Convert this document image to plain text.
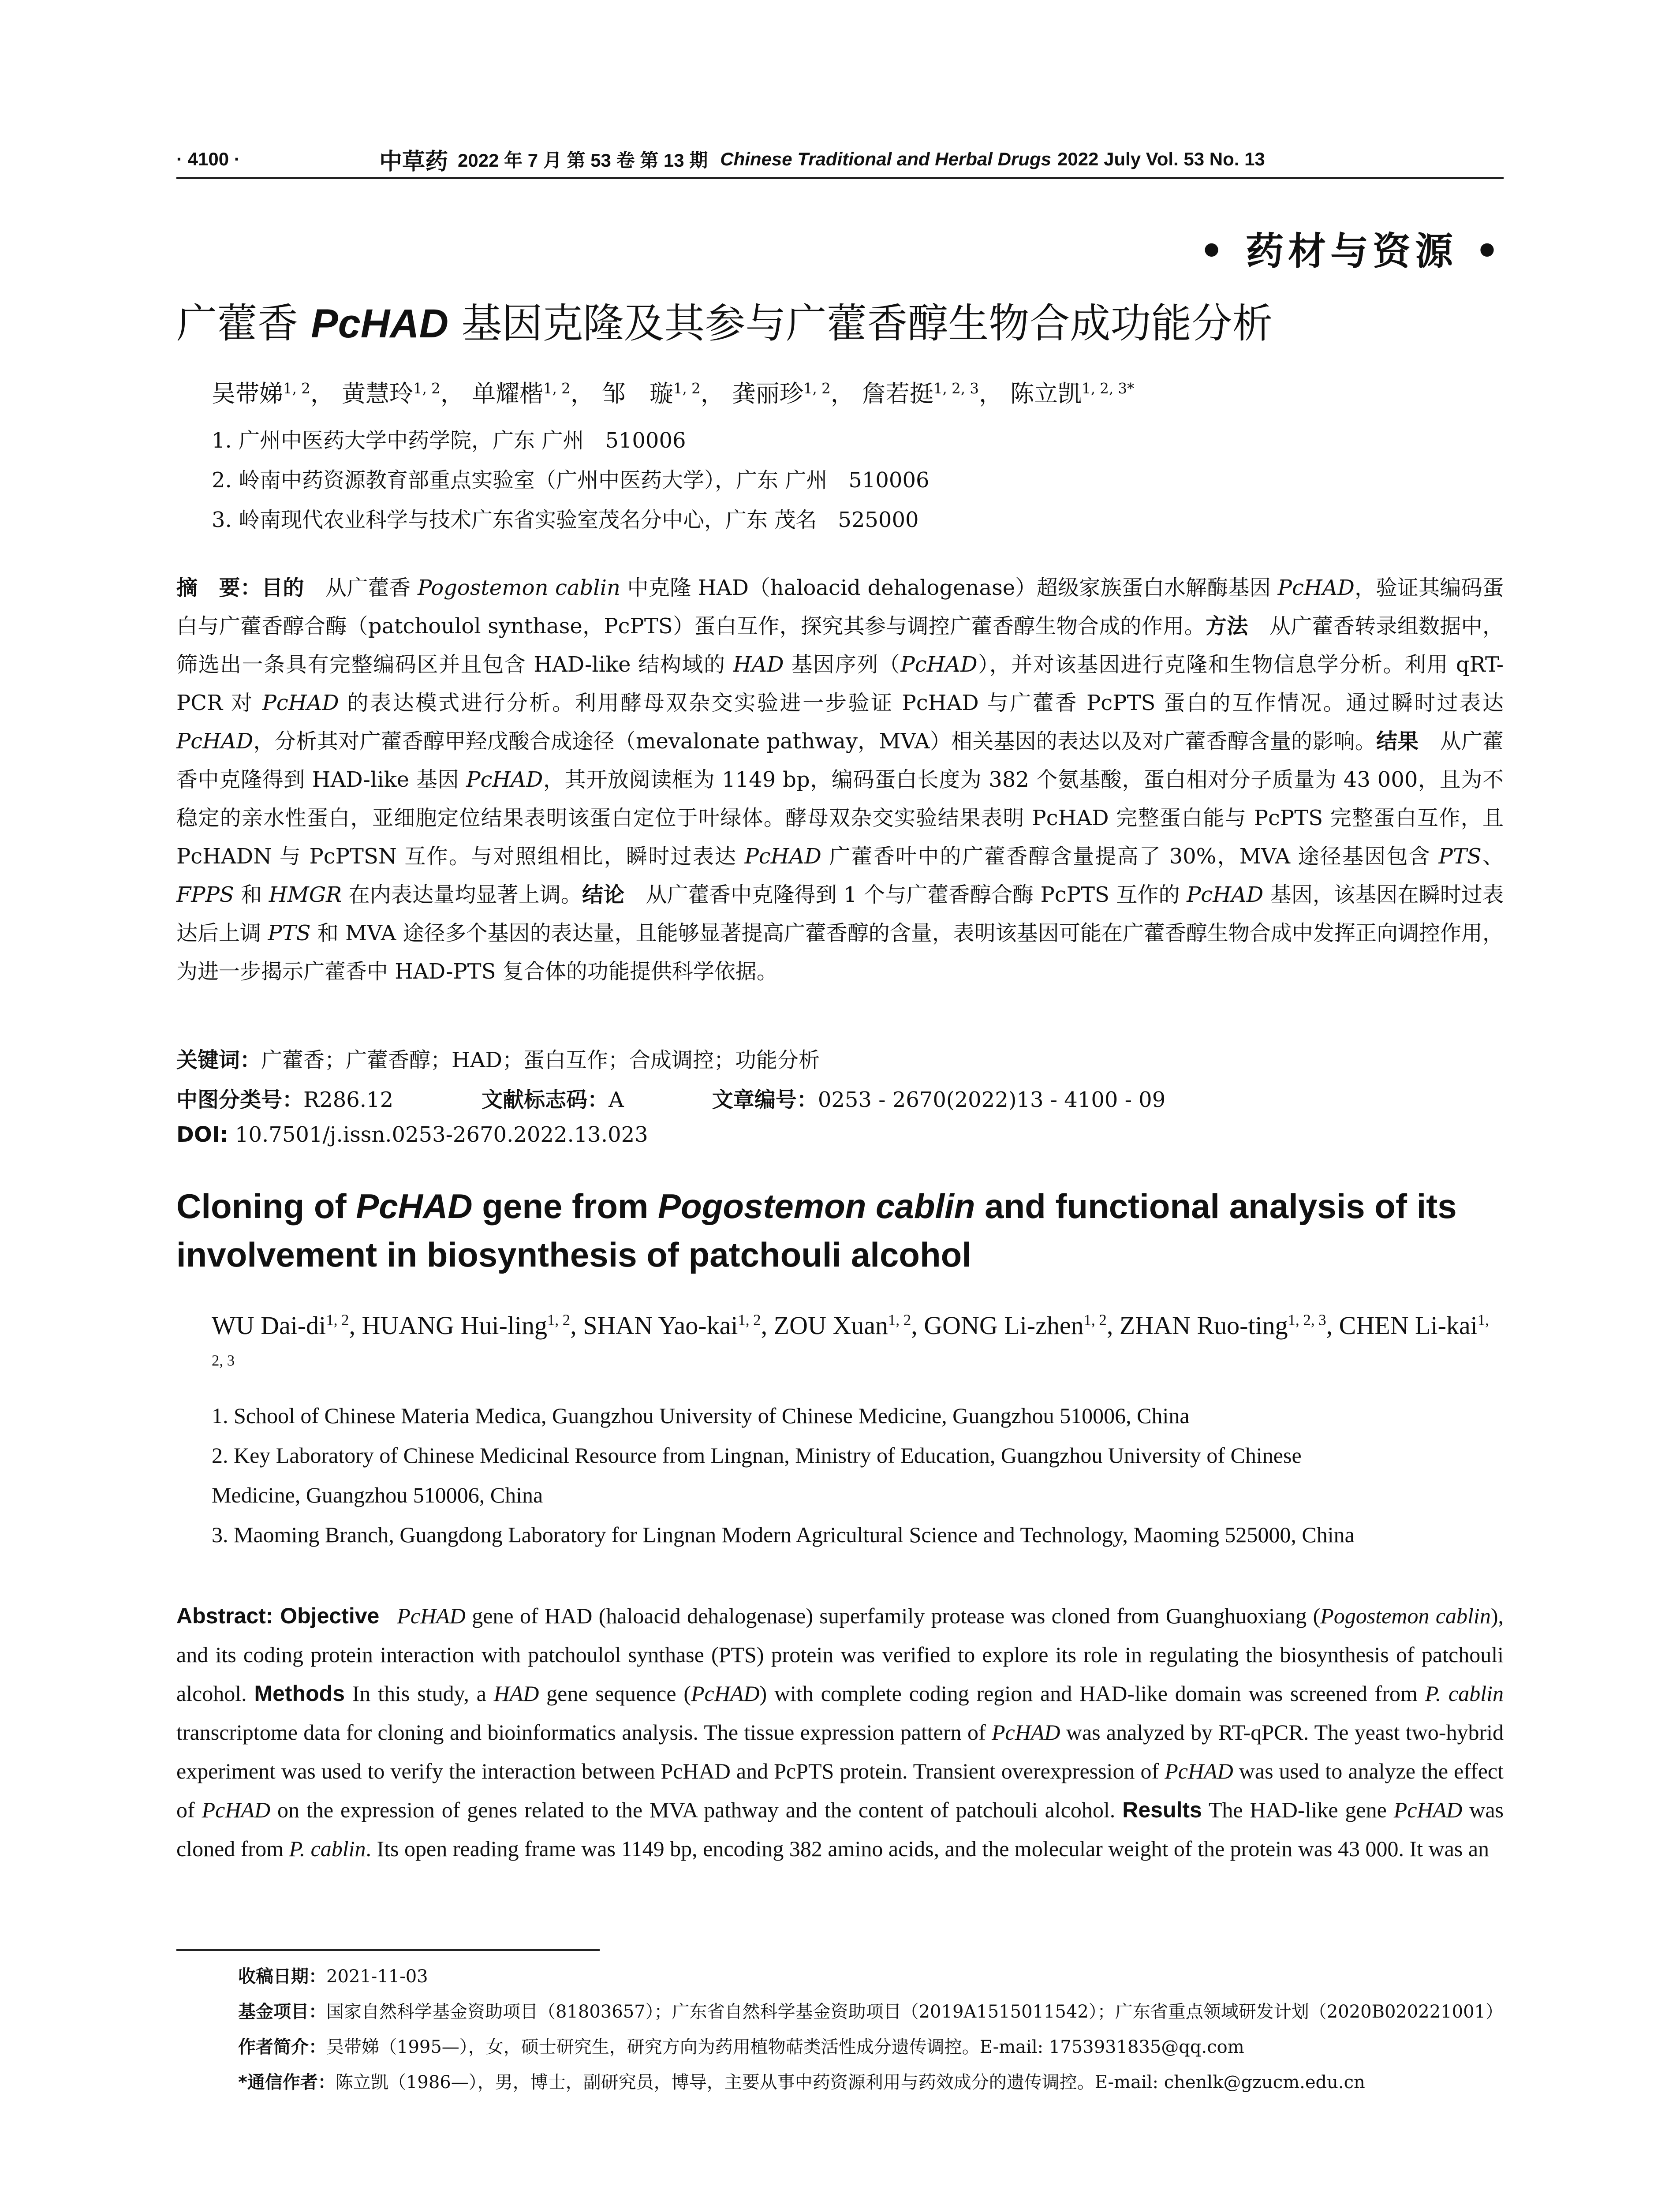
· 4100 ·	中草药 2022 年 7 月 第 53 卷 第 13 期 Chinese Traditional and Herbal Drugs 2022 July Vol. 53 No. 13
• 药材与资源 •
广藿香 PcHAD 基因克隆及其参与广藿香醇生物合成功能分析
吴带娣$^{1, 2}$， 黄慧玲$^{1, 2}$， 单耀楷$^{1, 2}$， 邹　璇$^{1, 2}$， 龚丽珍$^{1, 2}$， 詹若挺$^{1, 2, 3}$， 陈立凯$^{1, 2, 3*}$
1. 广州中医药大学中药学院，广东 广州　510006
2. 岭南中药资源教育部重点实验室（广州中医药大学），广东 广州　510006
3. 岭南现代农业科学与技术广东省实验室茂名分中心，广东 茂名　525000

摘　要：目的　从广藿香 Pogostemon cablin 中克隆 HAD（haloacid dehalogenase）超级家族蛋白水解酶基因 PcHAD，验证其编码蛋白与广藿香醇合酶（patchoulol synthase，PcPTS）蛋白互作，探究其参与调控广藿香醇生物合成的作用。方法　从广藿香转录组数据中，筛选出一条具有完整编码区并且包含 HAD-like 结构域的 HAD 基因序列（PcHAD），并对该基因进行克隆和生物信息学分析。利用 qRT-PCR 对 PcHAD 的表达模式进行分析。利用酵母双杂交实验进一步验证 PcHAD 与广藿香 PcPTS 蛋白的互作情况。通过瞬时过表达 PcHAD，分析其对广藿香醇甲羟戊酸合成途径（mevalonate pathway，MVA）相关基因的表达以及对广藿香醇含量的影响。结果　从广藿香中克隆得到 HAD-like 基因 PcHAD，其开放阅读框为 1149 bp，编码蛋白长度为 382 个氨基酸，蛋白相对分子质量为 43 000，且为不稳定的亲水性蛋白，亚细胞定位结果表明该蛋白定位于叶绿体。酵母双杂交实验结果表明 PcHAD 完整蛋白能与 PcPTS 完整蛋白互作，且 PcHADN 与 PcPTSN 互作。与对照组相比，瞬时过表达 PcHAD 广藿香叶中的广藿香醇含量提高了 30%，MVA 途径基因包含 PTS、FPPS 和 HMGR 在内表达量均显著上调。结论　从广藿香中克隆得到 1 个与广藿香醇合酶 PcPTS 互作的 PcHAD 基因，该基因在瞬时过表达后上调 PTS 和 MVA 途径多个基因的表达量，且能够显著提高广藿香醇的含量，表明该基因可能在广藿香醇生物合成中发挥正向调控作用，为进一步揭示广藿香中 HAD-PTS 复合体的功能提供科学依据。

关键词：广藿香；广藿香醇；HAD；蛋白互作；合成调控；功能分析
中图分类号：R286.12	文献标志码：A	文章编号：0253 - 2670(2022)13 - 4100 - 09
DOI: 10.7501/j.issn.0253-2670.2022.13.023
Cloning of PcHAD gene from Pogostemon cablin and functional analysis of its involvement in biosynthesis of patchouli alcohol
WU Dai-di$^{1, 2}$, HUANG Hui-ling$^{1, 2}$, SHAN Yao-kai$^{1, 2}$, ZOU Xuan$^{1, 2}$, GONG Li-zhen$^{1, 2}$, ZHAN Ruo-ting$^{1, 2, 3}$, CHEN Li-kai$^{1, 2, 3}$
1. School of Chinese Materia Medica, Guangzhou University of Chinese Medicine, Guangzhou 510006, China
2. Key Laboratory of Chinese Medicinal Resource from Lingnan, Ministry of Education, Guangzhou University of Chinese
Medicine, Guangzhou 510006, China
3. Maoming Branch, Guangdong Laboratory for Lingnan Modern Agricultural Science and Technology, Maoming 525000, China

Abstract: Objective PcHAD gene of HAD (haloacid dehalogenase) superfamily protease was cloned from Guanghuoxiang (Pogostemon cablin), and its coding protein interaction with patchoulol synthase (PTS) protein was verified to explore its role in regulating the biosynthesis of patchouli alcohol. Methods In this study, a HAD gene sequence (PcHAD) with complete coding region and HAD-like domain was screened from P. cablin transcriptome data for cloning and bioinformatics analysis. The tissue expression pattern of PcHAD was analyzed by RT-qPCR. The yeast two-hybrid experiment was used to verify the interaction between PcHAD and PcPTS protein. Transient overexpression of PcHAD was used to analyze the effect of PcHAD on the expression of genes related to the MVA pathway and the content of patchouli alcohol. Results The HAD-like gene PcHAD was cloned from P. cablin. Its open reading frame was 1149 bp, encoding 382 amino acids, and the molecular weight of the protein was 43 000. It was an

收稿日期：2021-11-03
基金项目：国家自然科学基金资助项目（81803657）；广东省自然科学基金资助项目（2019A1515011542）；广东省重点领域研发计划（2020B020221001）
作者简介：吴带娣（1995—），女，硕士研究生，研究方向为药用植物萜类活性成分遗传调控。E-mail: 1753931835@qq.com
*通信作者：陈立凯（1986—），男，博士，副研究员，博导，主要从事中药资源利用与药效成分的遗传调控。E-mail: chenlk@gzucm.edu.cn
